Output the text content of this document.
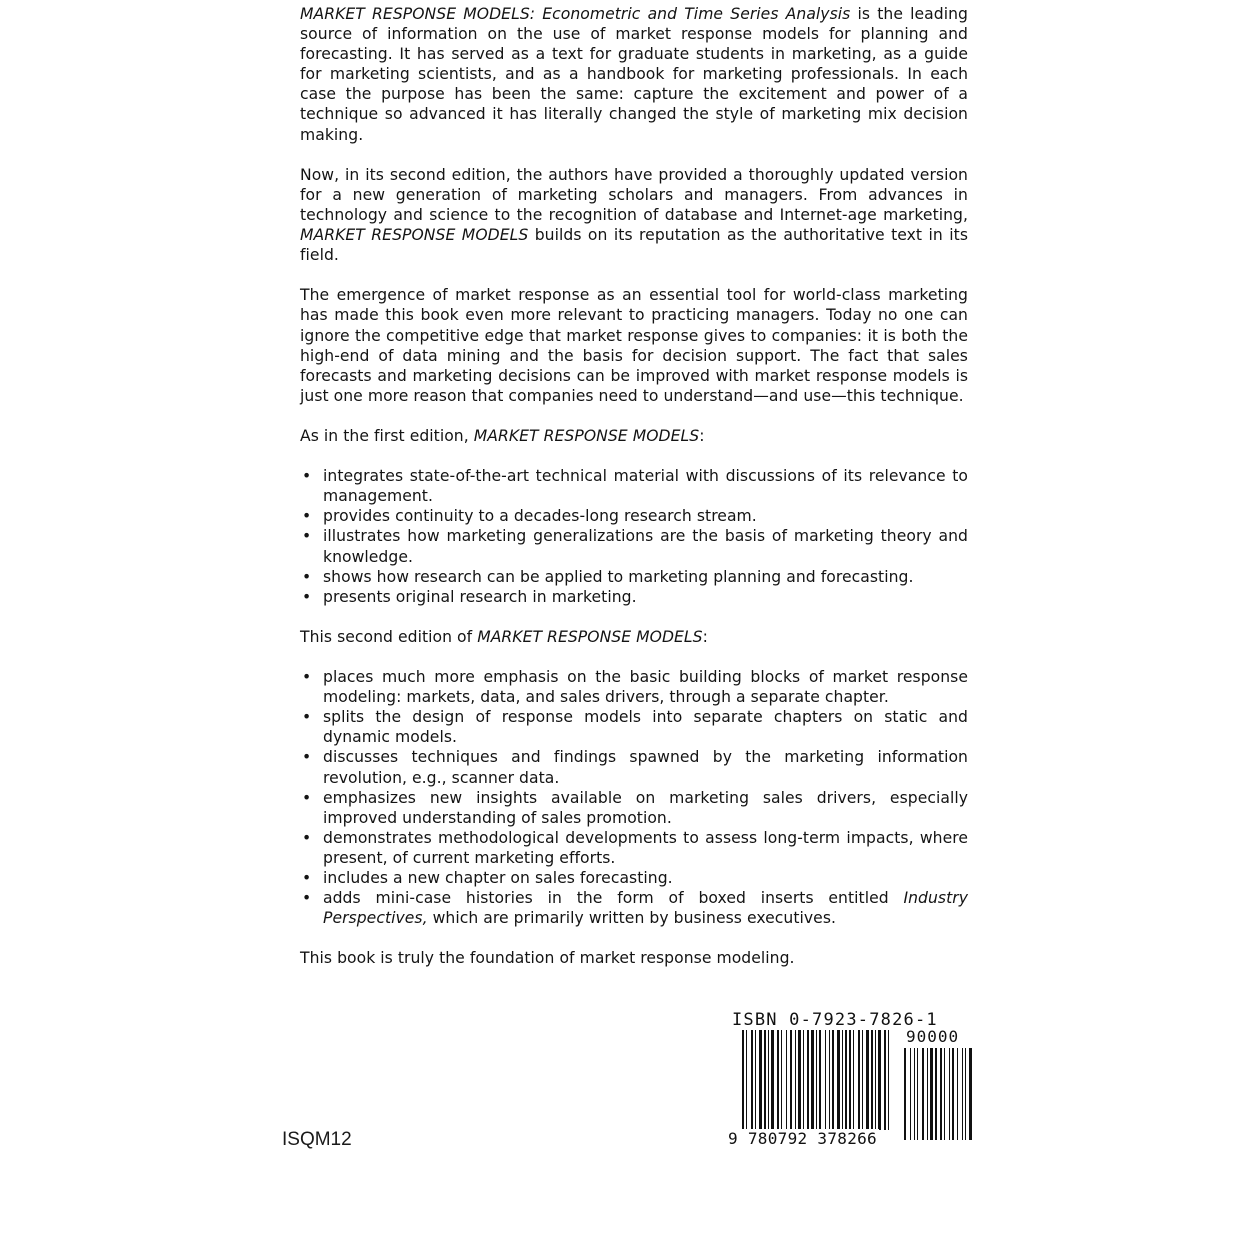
MARKET RESPONSE MODELS: Econometric and Time Series Analysis is the leading source of information on the use of market response models for planning and forecasting. It has served as a text for graduate students in marketing, as a guide for marketing scientists, and as a handbook for marketing professionals. In each case the purpose has been the same: capture the excitement and power of a technique so advanced it has literally changed the style of marketing mix decision making.

Now, in its second edition, the authors have provided a thoroughly updated version for a new generation of marketing scholars and managers. From advances in technology and science to the recognition of database and Internet-age marketing, MARKET RESPONSE MODELS builds on its reputation as the authoritative text in its field.

The emergence of market response as an essential tool for world-class marketing has made this book even more relevant to practicing managers. Today no one can ignore the competitive edge that market response gives to companies: it is both the high-end of data mining and the basis for decision support. The fact that sales forecasts and marketing decisions can be improved with market response models is just one more reason that companies need to understand—and use—this technique.

As in the first edition, MARKET RESPONSE MODELS:

• integrates state-of-the-art technical material with discussions of its relevance to management.
• provides continuity to a decades-long research stream.
• illustrates how marketing generalizations are the basis of marketing theory and knowledge.
• shows how research can be applied to marketing planning and forecasting.
• presents original research in marketing.

This second edition of MARKET RESPONSE MODELS:

• places much more emphasis on the basic building blocks of market response modeling: markets, data, and sales drivers, through a separate chapter.
• splits the design of response models into separate chapters on static and dynamic models.
• discusses techniques and findings spawned by the marketing information revolution, e.g., scanner data.
• emphasizes new insights available on marketing sales drivers, especially improved understanding of sales promotion.
• demonstrates methodological developments to assess long-term impacts, where present, of current marketing efforts.
• includes a new chapter on sales forecasting.
• adds mini-case histories in the form of boxed inserts entitled Industry Perspectives, which are primarily written by business executives.

This book is truly the foundation of market response modeling.

ISQM12
ISBN 0-7923-7826-1
90000
9 780792 378266
